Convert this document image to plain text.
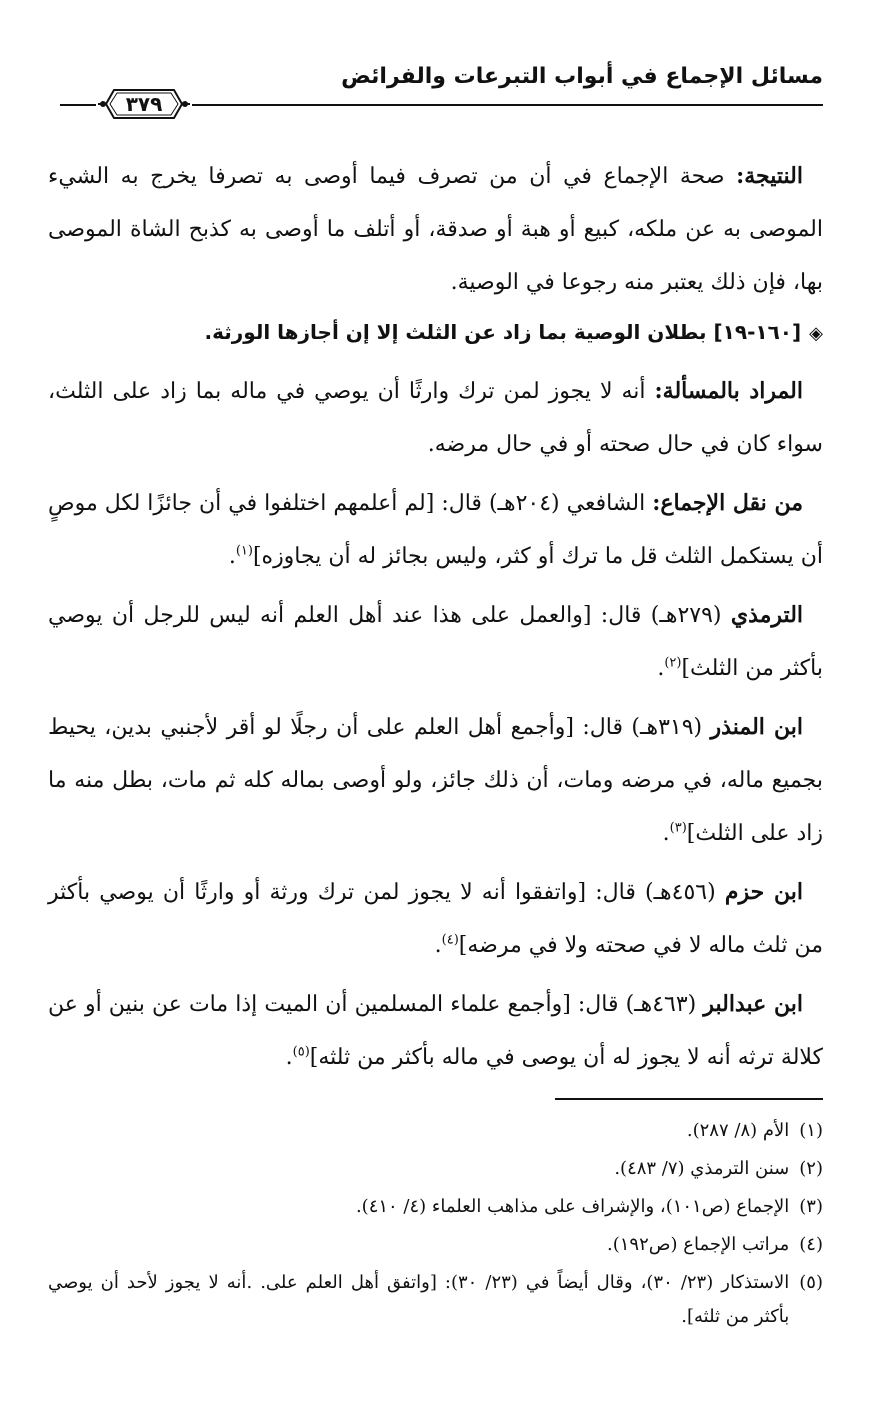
مسائل الإجماع في أبواب التبرعات والفرائض
٣٧٩

النتيجة: صحة الإجماع في أن من تصرف فيما أوصى به تصرفا يخرج به الشيء الموصى به عن ملكه، كبيع أو هبة أو صدقة، أو أتلف ما أوصى به كذبح الشاة الموصى بها، فإن ذلك يعتبر منه رجوعا في الوصية.

◈[١٦٠-١٩] بطلان الوصية بما زاد عن الثلث إلا إن أجازها الورثة.

المراد بالمسألة: أنه لا يجوز لمن ترك وارثًا أن يوصي في ماله بما زاد على الثلث، سواء كان في حال صحته أو في حال مرضه.

من نقل الإجماع: الشافعي (٢٠٤هـ) قال: [لم أعلمهم اختلفوا في أن جائزًا لكل موصٍ أن يستكمل الثلث قل ما ترك أو كثر، وليس بجائز له أن يجاوزه]$^{(١)}$.

الترمذي (٢٧٩هـ) قال: [والعمل على هذا عند أهل العلم أنه ليس للرجل أن يوصي بأكثر من الثلث]$^{(٢)}$.

ابن المنذر (٣١٩هـ) قال: [وأجمع أهل العلم على أن رجلًا لو أقر لأجنبي بدين، يحيط بجميع ماله، في مرضه ومات، أن ذلك جائز، ولو أوصى بماله كله ثم مات، بطل منه ما زاد على الثلث]$^{(٣)}$.

ابن حزم (٤٥٦هـ) قال: [واتفقوا أنه لا يجوز لمن ترك ورثة أو وارثًا أن يوصي بأكثر من ثلث ماله لا في صحته ولا في مرضه]$^{(٤)}$.

ابن عبدالبر (٤٦٣هـ) قال: [وأجمع علماء المسلمين أن الميت إذا مات عن بنين أو عن كلالة ترثه أنه لا يجوز له أن يوصى في ماله بأكثر من ثلثه]$^{(٥)}$.

(١)
الأم (٨/ ٢٨٧).
(٢)
سنن الترمذي (٧/ ٤٨٣).
(٣)
الإجماع (ص١٠١)، والإشراف على مذاهب العلماء (٤/ ٤١٠).
(٤)
مراتب الإجماع (ص١٩٢).
(٥)
الاستذكار (٢٣/ ٣٠)، وقال أيضاً في (٢٣/ ٣٠): [واتفق أهل العلم على. .أنه لا يجوز لأحد أن يوصي بأكثر من ثلثه].
